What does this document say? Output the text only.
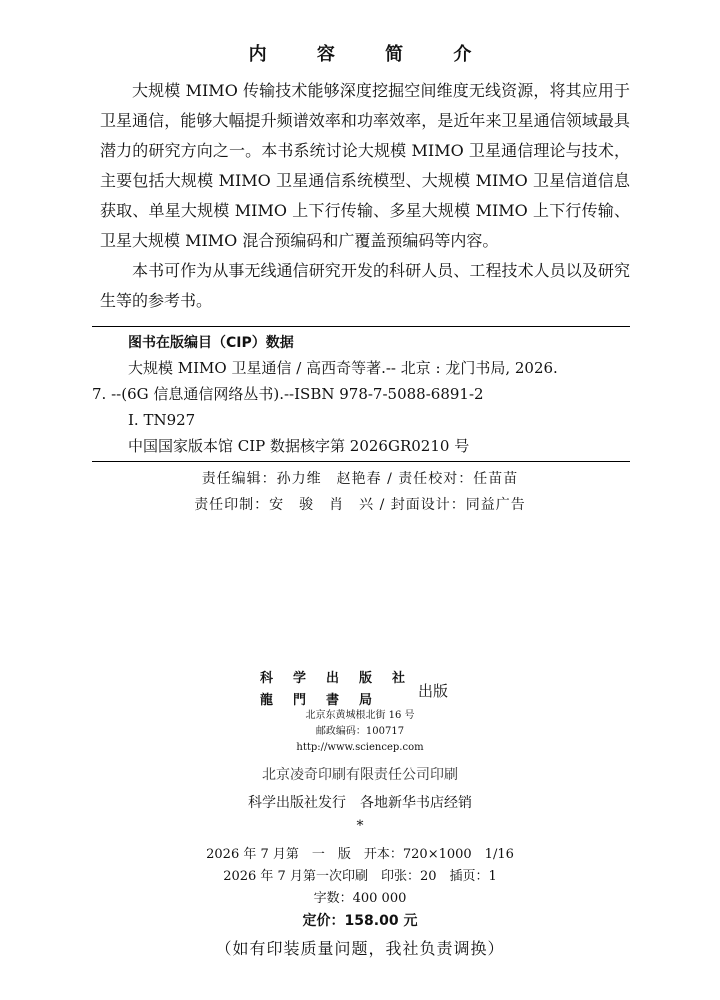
内 容 简 介

大规模 MIMO 传输技术能够深度挖掘空间维度无线资源，将其应用于卫星通信，能够大幅提升频谱效率和功率效率，是近年来卫星通信领域最具潜力的研究方向之一。本书系统讨论大规模 MIMO 卫星通信理论与技术，主要包括大规模 MIMO 卫星通信系统模型、大规模 MIMO 卫星信道信息获取、单星大规模 MIMO 上下行传输、多星大规模 MIMO 上下行传输、卫星大规模 MIMO 混合预编码和广覆盖预编码等内容。

本书可作为从事无线通信研究开发的科研人员、工程技术人员以及研究生等的参考书。

图书在版编目（CIP）数据
大规模 MIMO 卫星通信 / 高西奇等著.-- 北京 : 龙门书局, 2026.
7. --(6G 信息通信网络丛书).--ISBN 978-7-5088-6891-2
Ⅰ. TN927
中国国家版本馆 CIP 数据核字第 2026GR0210 号
责任编辑：孙力维　赵艳春 / 责任校对：任苗苗
责任印制：安　骏　肖　兴 / 封面设计：同益广告
科学出版社
龍門書局
出版
北京东黄城根北街 16 号
邮政编码：100717
http://www.sciencep.com
北京凌奇印刷有限责任公司印刷
科学出版社发行　各地新华书店经销
*
2026 年 7 月第　一　版　开本：720×1000　1/16
2026 年 7 月第一次印刷　印张：20　插页：1
字数：400 000
定价：158.00 元
（如有印装质量问题，我社负责调换）
